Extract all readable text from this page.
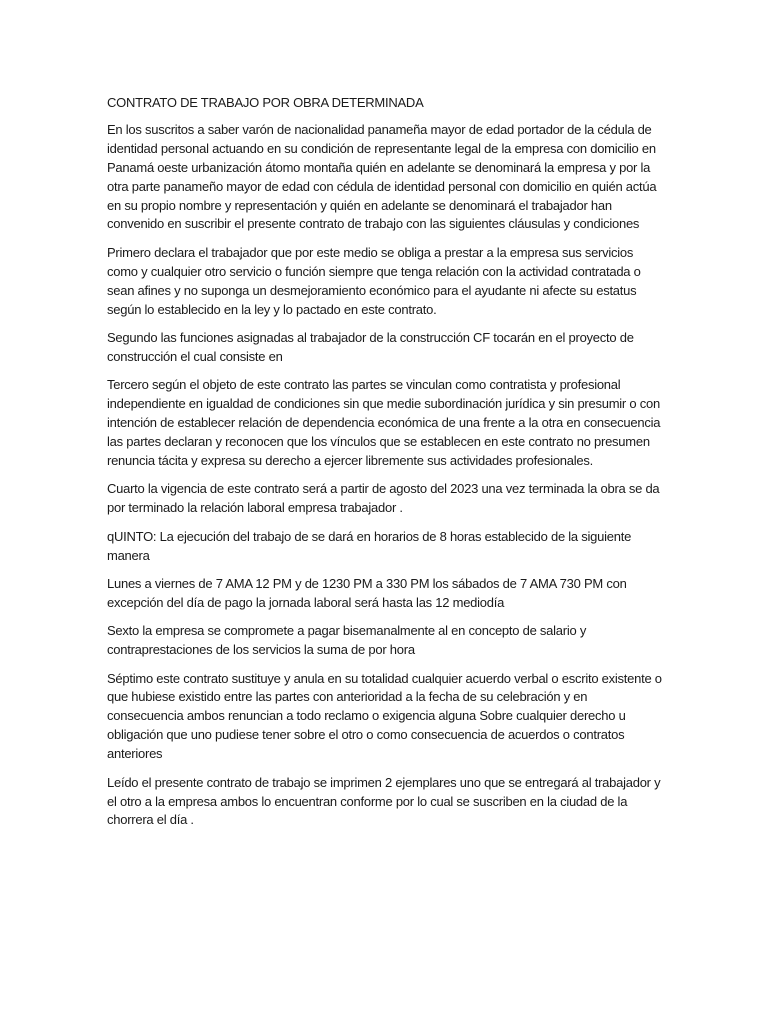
CONTRATO DE TRABAJO POR OBRA DETERMINADA

En los suscritos a saber varón de nacionalidad panameña mayor de edad portador de la cédula de identidad personal actuando en su condición de representante legal de la empresa con domicilio en Panamá oeste urbanización átomo montaña quién en adelante se denominará la empresa y por la otra parte panameño mayor de edad con cédula de identidad personal con domicilio en quién actúa en su propio nombre y representación y quién en adelante se denominará el trabajador han convenido en suscribir el presente contrato de trabajo con las siguientes cláusulas y condiciones

Primero declara el trabajador que por este medio se obliga a prestar a la empresa sus servicios como y cualquier otro servicio o función siempre que tenga relación con la actividad contratada o sean afines y no suponga un desmejoramiento económico para el ayudante ni afecte su estatus según lo establecido en la ley y lo pactado en este contrato.

Segundo las funciones asignadas al trabajador de la construcción CF tocarán en el proyecto de construcción el cual consiste en

Tercero según el objeto de este contrato las partes se vinculan como contratista y profesional independiente en igualdad de condiciones sin que medie subordinación jurídica y sin presumir o con intención de establecer relación de dependencia económica de una frente a la otra en consecuencia las partes declaran y reconocen que los vínculos que se establecen en este contrato no presumen renuncia tácita y expresa su derecho a ejercer libremente sus actividades profesionales.

Cuarto la vigencia de este contrato será a partir de agosto del 2023 una vez terminada la obra se da por terminado la relación laboral empresa trabajador .

qUINTO: La ejecución del trabajo de se dará en horarios de 8 horas establecido de la siguiente manera

Lunes a viernes de 7 AMA 12 PM y de 1230 PM a 330 PM los sábados de 7 AMA 730 PM con excepción del día de pago la jornada laboral será hasta las 12 mediodía

Sexto la empresa se compromete a pagar bisemanalmente al en concepto de salario y contraprestaciones de los servicios la suma de por hora

Séptimo este contrato sustituye y anula en su totalidad cualquier acuerdo verbal o escrito existente o que hubiese existido entre las partes con anterioridad a la fecha de su celebración y en consecuencia ambos renuncian a todo reclamo o exigencia alguna Sobre cualquier derecho u obligación que uno pudiese tener sobre el otro o como consecuencia de acuerdos o contratos anteriores

Leído el presente contrato de trabajo se imprimen 2 ejemplares uno que se entregará al trabajador y el otro a la empresa ambos lo encuentran conforme por lo cual se suscriben en la ciudad de la chorrera el día .
